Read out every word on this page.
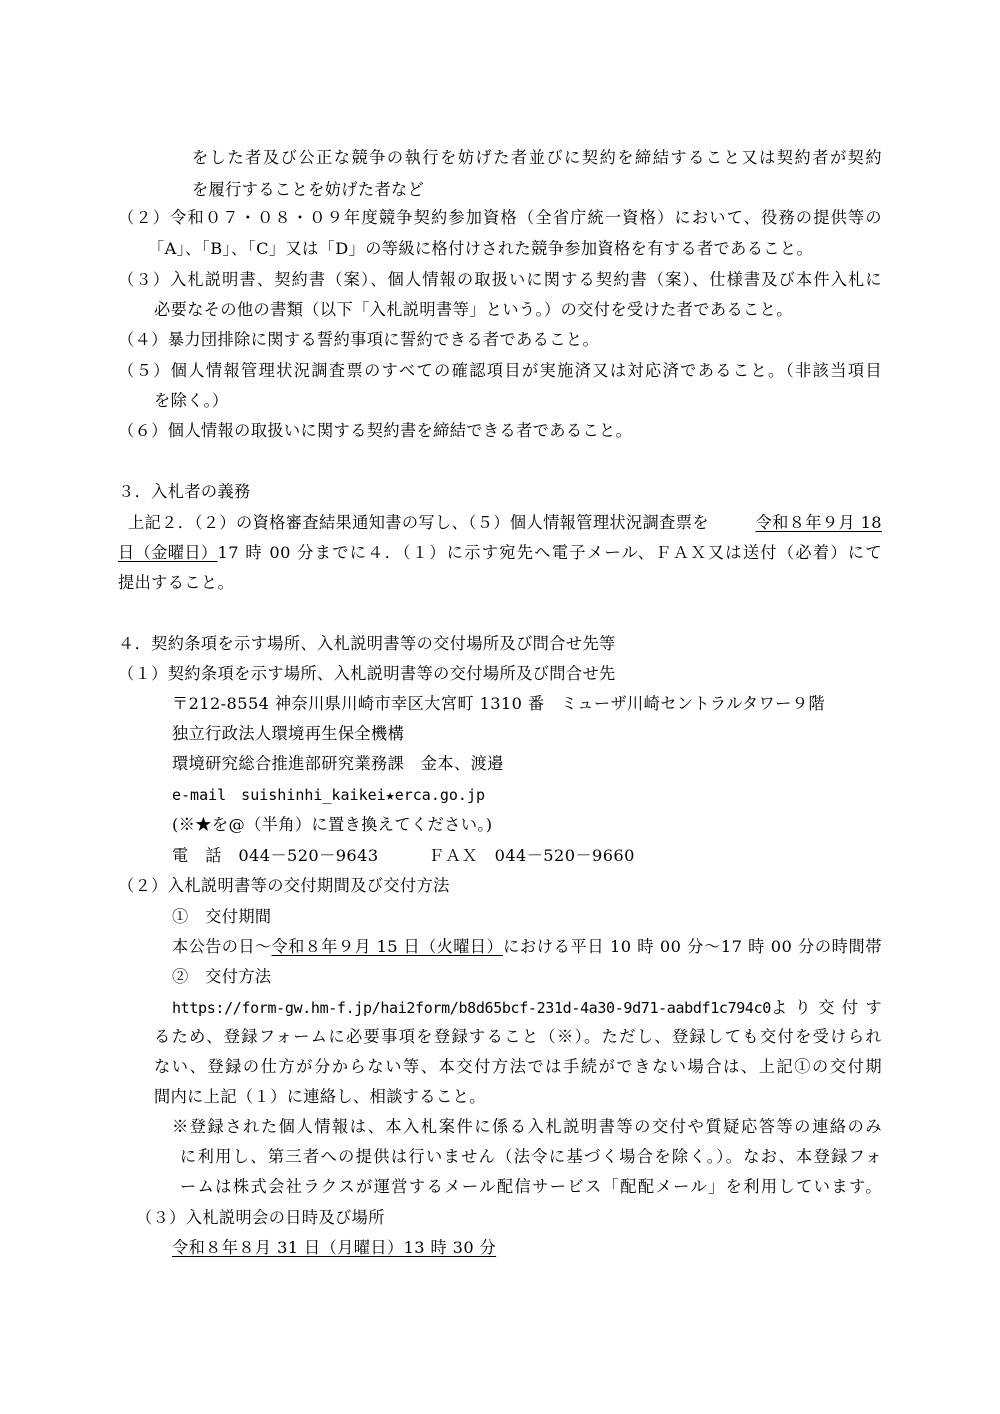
をした者及び公正な競争の執行を妨げた者並びに契約を締結すること又は契約者が契約
を履行することを妨げた者など
（２）令和０７・０８・０９年度競争契約参加資格（全省庁統一資格）において、役務の提供等の
「A」、「B」、「C」又は「D」の等級に格付けされた競争参加資格を有する者であること。
（３）入札説明書、契約書（案）、個人情報の取扱いに関する契約書（案）、仕様書及び本件入札に
必要なその他の書類（以下「入札説明書等」という。）の交付を受けた者であること。
（４）暴力団排除に関する誓約事項に誓約できる者であること。
（５）個人情報管理状況調査票のすべての確認項目が実施済又は対応済であること。（非該当項目
を除く。）
（６）個人情報の取扱いに関する契約書を締結できる者であること。
３．入札者の義務
上記２．（２）の資格審査結果通知書の写し、（５）個人情報管理状況調査票を	令和８年９月 18
日（金曜日） 17 時 00 分までに４．（１）に示す宛先へ電子メール、ＦＡＸ又は送付（必着）にて
提出すること。
４．契約条項を示す場所、入札説明書等の交付場所及び問合せ先等
（１）契約条項を示す場所、入札説明書等の交付場所及び問合せ先
〒212-8554 神奈川県川崎市幸区大宮町 1310 番　ミューザ川崎セントラルタワー９階
独立行政法人環境再生保全機構
環境研究総合推進部研究業務課　金本、渡邉
e-mail　suishinhi_kaikei★erca.go.jp
(※★を@（半角）に置き換えてください。)
電　話　044－520－9643　　　ＦＡＸ　044－520－9660
（２）入札説明書等の交付期間及び交付方法
①　交付期間
本公告の日～ 令和８年９月 15 日（火曜日） における平日 10 時 00 分～17 時 00 分の時間帯
②　交付方法
https://form-gw.hm-f.jp/hai2form/b8d65bcf-231d-4a30-9d71-aabdf1c794c0 より交付す
るため、登録フォームに必要事項を登録すること（※）。ただし、登録しても交付を受けられ
ない、登録の仕方が分からない等、本交付方法では手続ができない場合は、上記①の交付期
間内に上記（１）に連絡し、相談すること。
※登録された個人情報は、本入札案件に係る入札説明書等の交付や質疑応答等の連絡のみ
に利用し、第三者への提供は行いません（法令に基づく場合を除く。）。なお、本登録フォ
ームは株式会社ラクスが運営するメール配信サービス「配配メール」を利用しています。
（３）入札説明会の日時及び場所
令和８年８月 31 日（月曜日）13 時 30 分
